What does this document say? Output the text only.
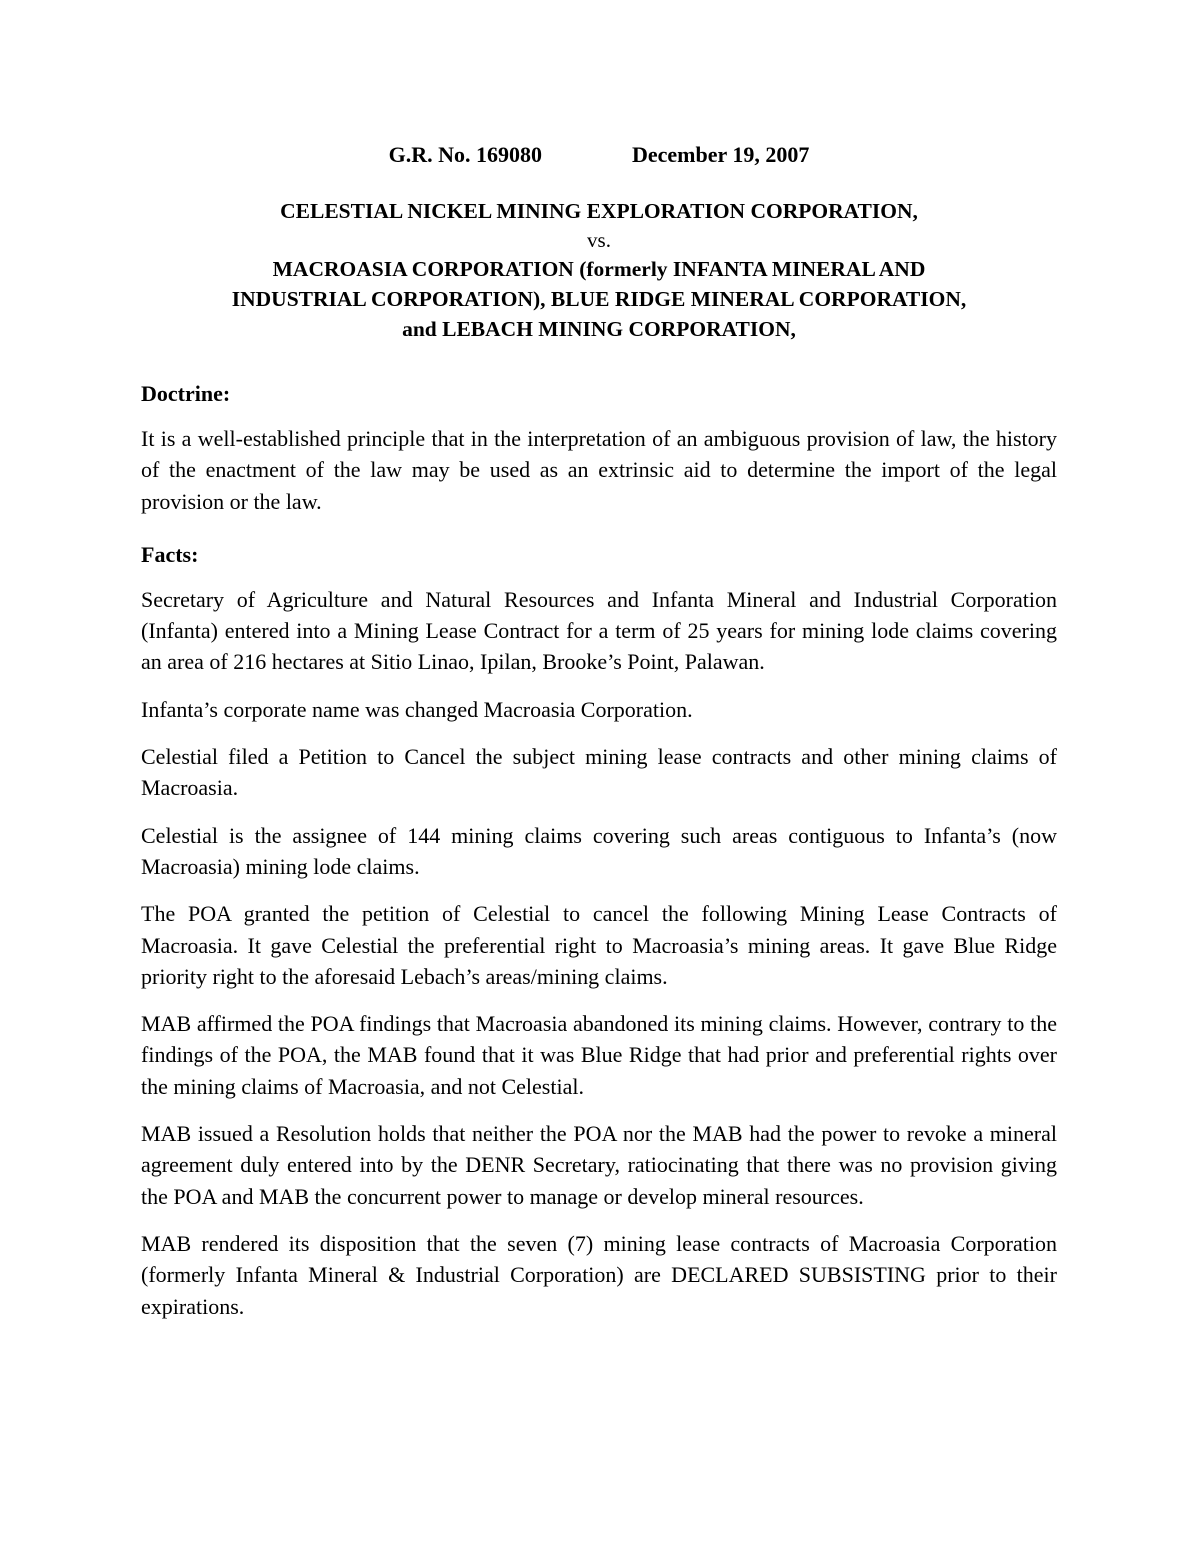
G.R. No. 169080	December 19, 2007

CELESTIAL NICKEL MINING EXPLORATION CORPORATION,

vs.

MACROASIA CORPORATION (formerly INFANTA MINERAL AND

INDUSTRIAL CORPORATION), BLUE RIDGE MINERAL CORPORATION,

and LEBACH MINING CORPORATION,

Doctrine:

It is a well-established principle that in the interpretation of an ambiguous provision of law, the history of the enactment of the law may be used as an extrinsic aid to determine the import of the legal provision or the law.

Facts:

Secretary of Agriculture and Natural Resources and Infanta Mineral and Industrial Corporation (Infanta) entered into a Mining Lease Contract for a term of 25 years for mining lode claims covering an area of 216 hectares at Sitio Linao, Ipilan, Brooke’s Point, Palawan.

Infanta’s corporate name was changed Macroasia Corporation.

Celestial filed a Petition to Cancel the subject mining lease contracts and other mining claims of Macroasia.

Celestial is the assignee of 144 mining claims covering such areas contiguous to Infanta’s (now Macroasia) mining lode claims.

The POA granted the petition of Celestial to cancel the following Mining Lease Contracts of Macroasia. It gave Celestial the preferential right to Macroasia’s mining areas. It gave Blue Ridge priority right to the aforesaid Lebach’s areas/mining claims.

MAB affirmed the POA findings that Macroasia abandoned its mining claims. However, contrary to the findings of the POA, the MAB found that it was Blue Ridge that had prior and preferential rights over the mining claims of Macroasia, and not Celestial.

MAB issued a Resolution holds that neither the POA nor the MAB had the power to revoke a mineral agreement duly entered into by the DENR Secretary, ratiocinating that there was no provision giving the POA and MAB the concurrent power to manage or develop mineral resources.

MAB rendered its disposition that the seven (7) mining lease contracts of Macroasia Corporation (formerly Infanta Mineral & Industrial Corporation) are DECLARED SUBSISTING prior to their expirations.
